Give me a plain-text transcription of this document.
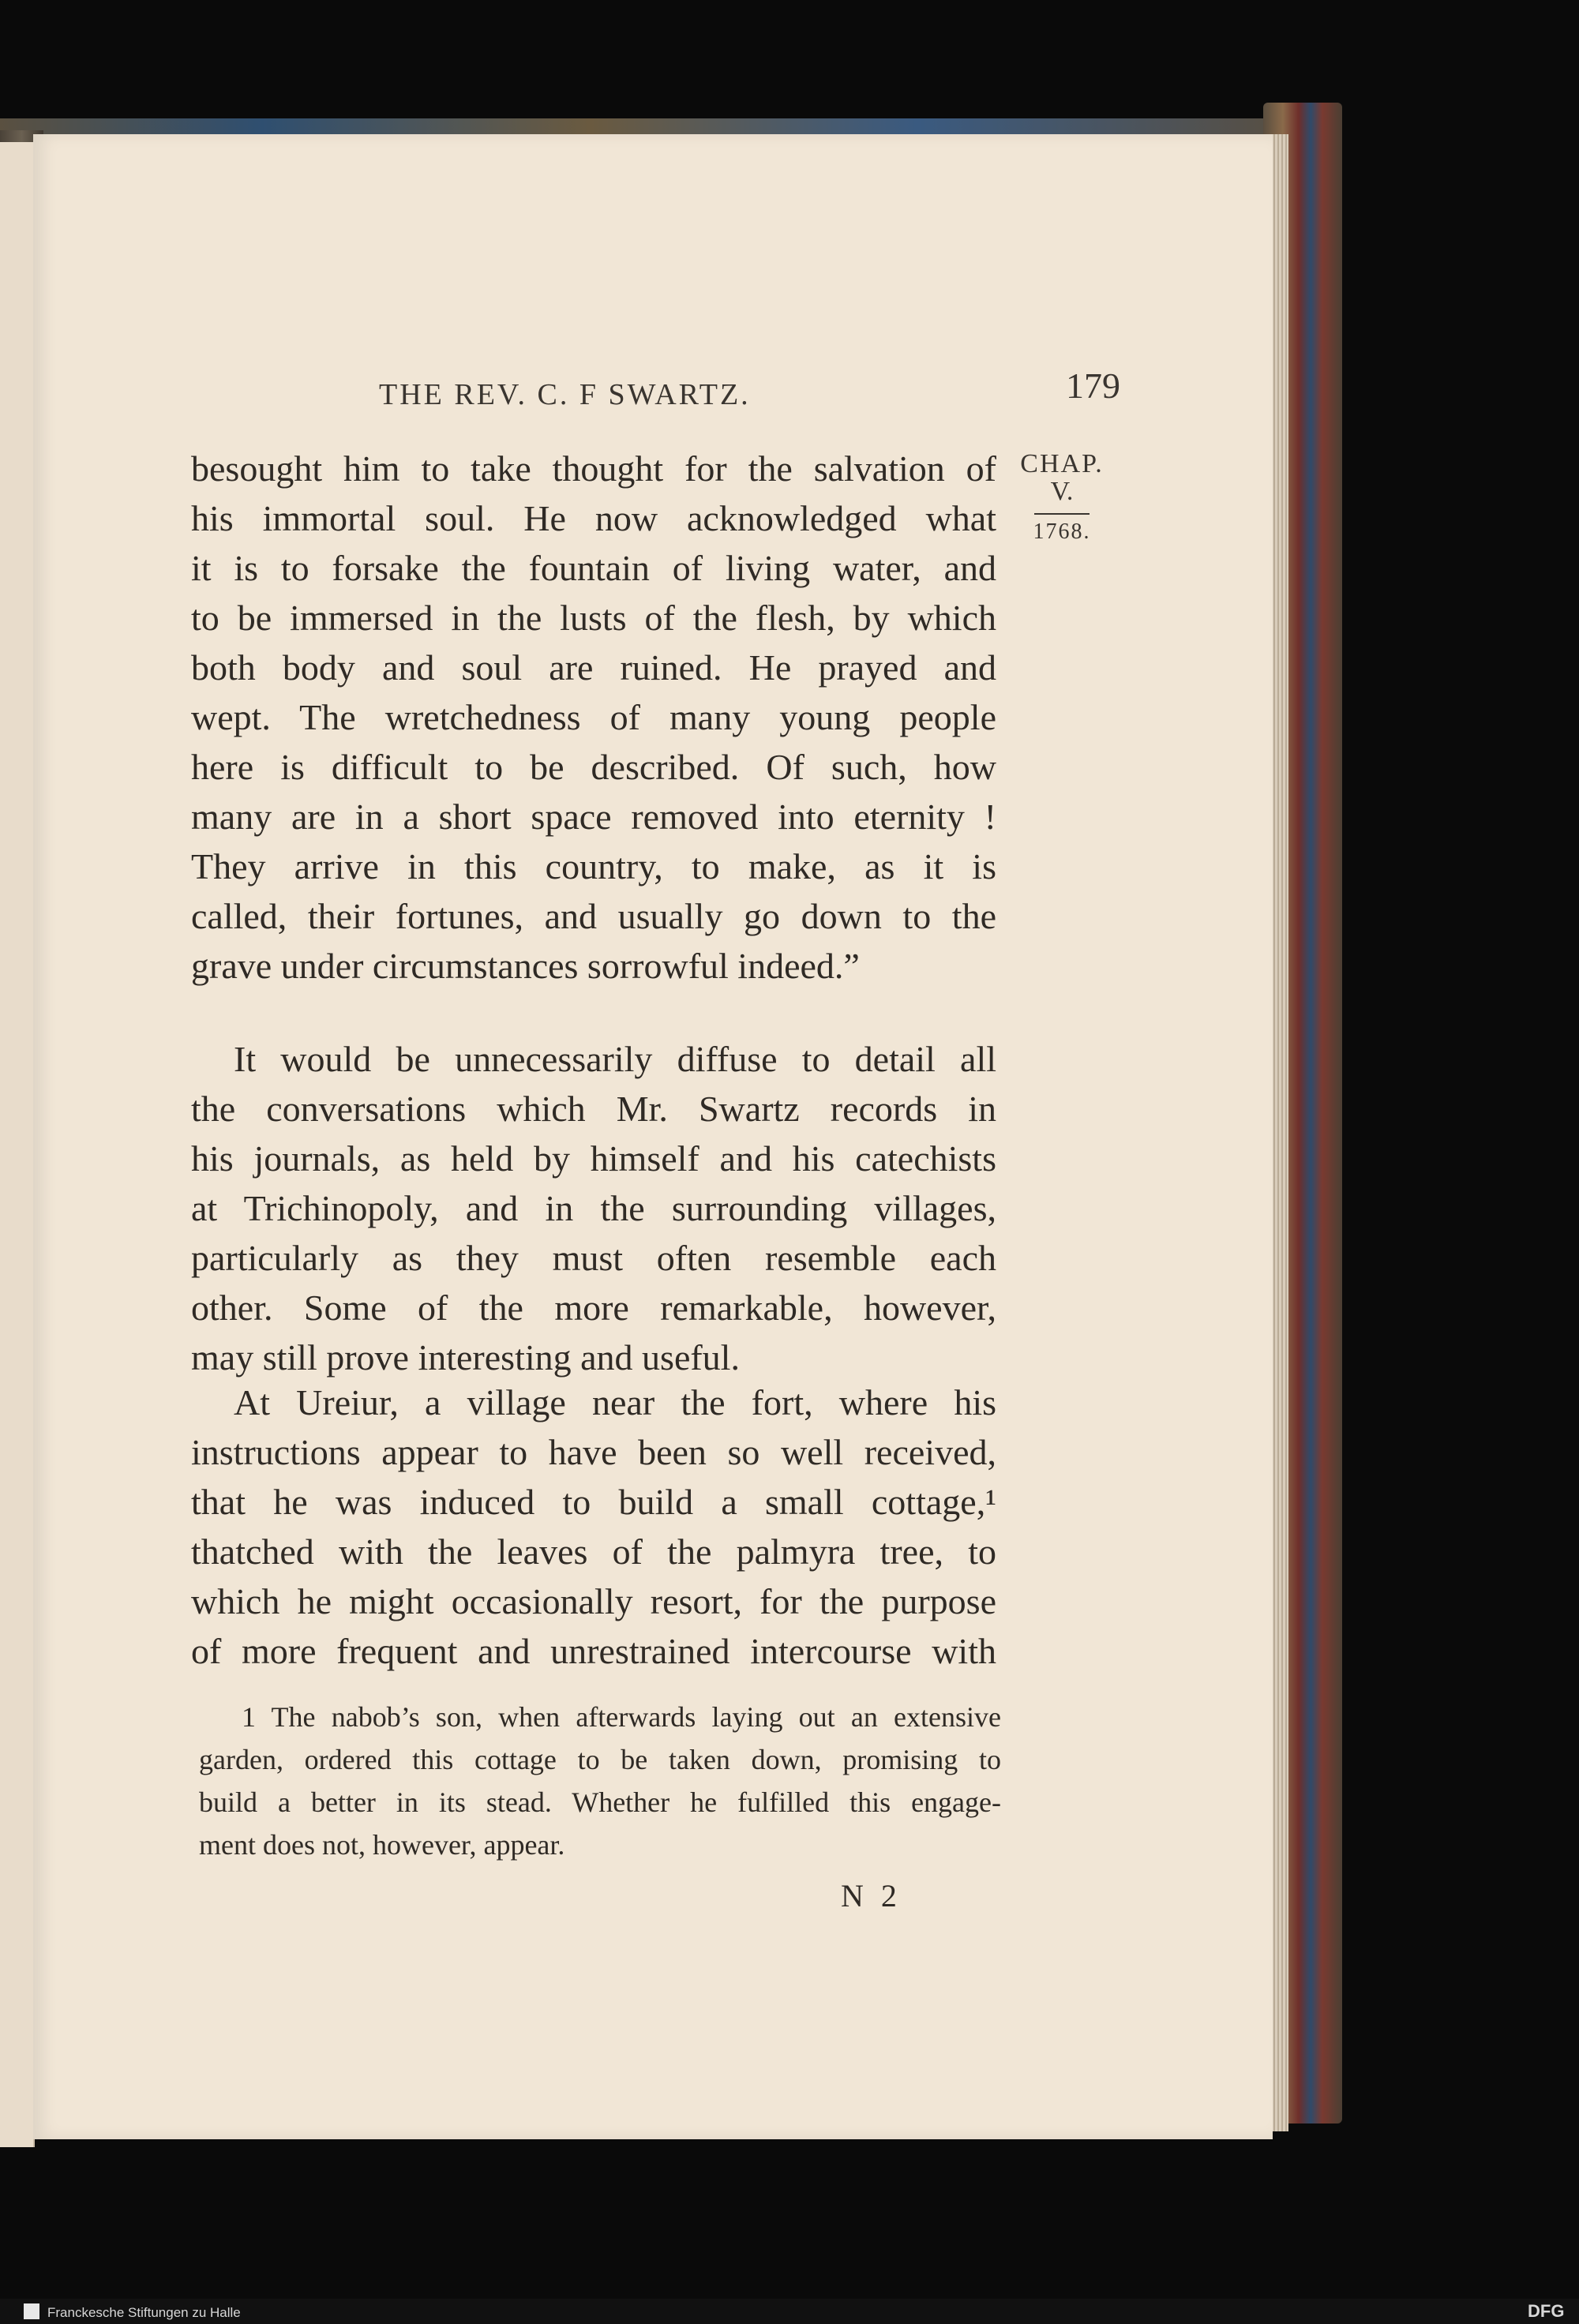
THE REV. C. F SWARTZ.	179
CHAP.
V.
1768.
besought him to take thought for the salvation of
his immortal soul. He now acknowledged what
it is to forsake the fountain of living water, and
to be immersed in the lusts of the flesh, by which
both body and soul are ruined. He prayed and
wept. The wretchedness of many young people
here is difficult to be described. Of such, how
many are in a short space removed into eternity !
They arrive in this country, to make, as it is
called, their fortunes, and usually go down to the
grave under circumstances sorrowful indeed.”
It would be unnecessarily diffuse to detail all
the conversations which Mr. Swartz records in
his journals, as held by himself and his catechists
at Trichinopoly, and in the surrounding villages,
particularly as they must often resemble each
other. Some of the more remarkable, however,
may still prove interesting and useful.
At Ureiur, a village near the fort, where his
instructions appear to have been so well received,
that he was induced to build a small cottage,¹
thatched with the leaves of the palmyra tree, to
which he might occasionally resort, for the purpose
of more frequent and unrestrained intercourse with
1 The nabob’s son, when afterwards laying out an extensive
garden, ordered this cottage to be taken down, promising to
build a better in its stead. Whether he fulfilled this engage-
ment does not, however, appear.
N 2
Franckesche Stiftungen zu Halle	DFG
